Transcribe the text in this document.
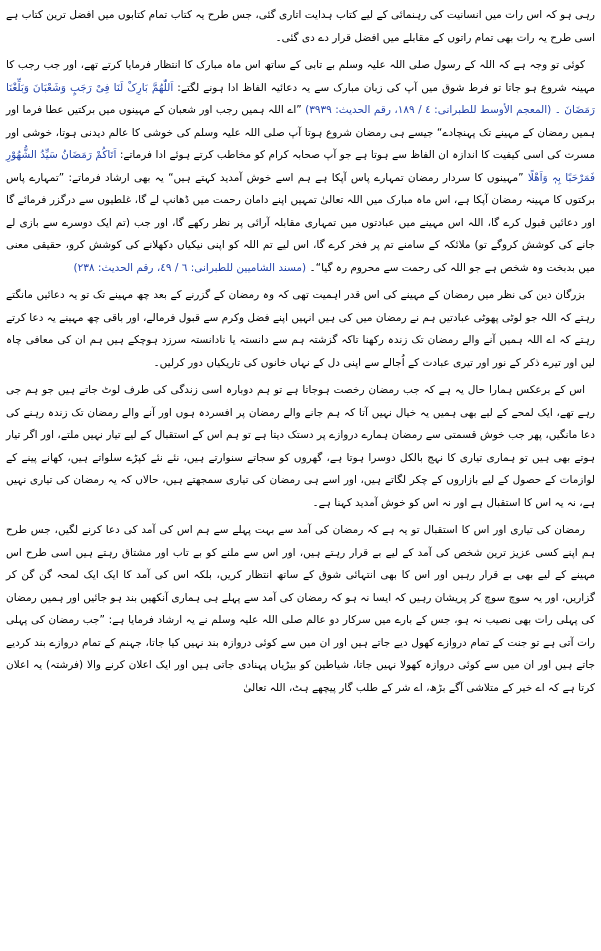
رہی ہو کہ اس رات میں انسانیت کی رہنمائی کے لیے کتاب ہدایت اتاری گئی، جس طرح یہ کتاب تمام کتابوں میں افضل ترین کتاب ہے اسی طرح یہ رات بھی تمام راتوں کے مقابلے میں افضل قرار دے دی گئی۔

کوئی تو وجہ ہے کہ اللہ کے رسول صلی اللہ علیہ وسلم بے تابی کے ساتھ اس ماہ مبارک کا انتظار فرمایا کرتے تھے، اور جب رجب کا مہینہ شروع ہو جاتا تو فرط شوق میں آپ کی زبان مبارک سے یہ دعائیہ الفاظ ادا ہونے لگتے: اَللّٰھُمَّ بَارِکْ لَنَا فِیْ رَجَبٍ وَشَعْبَانَ وَبَلِّغْنَا رَمَضَانَ ۔ (المعجم الأوسط للطبرانی: ٤ / ١٨٩، رقم الحدیث: ٣٩٣٩) ”اے اللہ ہمیں رجب اور شعبان کے مہینوں میں برکتیں عطا فرما اور ہمیں رمضان کے مہینے تک پہنچادے“ جیسے ہی رمضان شروع ہوتا آپ صلی اللہ علیہ وسلم کی خوشی کا عالم دیدنی ہوتا، خوشی اور مسرت کی اسی کیفیت کا اندازہ ان الفاظ سے ہوتا ہے جو آپ صحابہ کرام کو مخاطب کرتے ہوئے ادا فرماتے: اَتَاکُمْ رَمَضَانُ سَیِّدُ الشُّھُوْرِ فَمَرْحَبًا بِہٖ وَاَھْلًا ”مہینوں کا سردار رمضان تمہارے پاس آپکا ہے ہم اسے خوش آمدید کہتے ہیں“ یہ بھی ارشاد فرماتے: ”تمہارے پاس برکتوں کا مہینہ رمضان آپکا ہے، اس ماہ مبارک میں اللہ تعالیٰ تمہیں اپنے دامان رحمت میں ڈھانپ لے گا، غلطیوں سے درگزر فرمائے گا اور دعائیں قبول کرے گا، اللہ اس مہینے میں عبادتوں میں تمہاری مقابلہ آرائی پر نظر رکھے گا، اور جب (تم ایک دوسرے سے بازی لے جانے کی کوشش کروگے تو) ملائکہ کے سامنے تم پر فخر کرے گا، اس لیے تم اللہ کو اپنی نیکیاں دکھلانے کی کوشش کرو، حقیقی معنی میں بدبخت وہ شخص ہے جو اللہ کی رحمت سے محروم رہ گیا“۔ (مسند الشامیین للطبرانی: ٦ / ٤٩، رقم الحدیث: ٢٣٨)

بزرگان دین کی نظر میں رمضان کے مہینے کی اس قدر اہمیت تھی کہ وہ رمضان کے گزرنے کے بعد چھ مہینے تک تو یہ دعائیں مانگتے رہتے کہ اللہ جو لوٹی پھوٹی عبادتیں ہم نے رمضان میں کی ہیں انہیں اپنے فضل وکرم سے قبول فرمالے، اور باقی چھ مہینے یہ دعا کرتے رہتے کہ اے اللہ ہمیں آنے والے رمضان تک زندہ رکھنا تاکہ گزشتہ ہم سے دانستہ یا نادانستہ سرزد ہوچکے ہیں ہم ان کی معافی چاہ لیں اور تیرے ذکر کے نور اور تیری عبادت کے اُجالے سے اپنی دل کے نہاں خانوں کی تاریکیاں دور کرلیں۔

اس کے برعکس ہمارا حال یہ ہے کہ جب رمضان رخصت ہوجاتا ہے تو ہم دوبارہ اسی زندگی کی طرف لوٹ جاتے ہیں جو ہم جی رہے تھے، ایک لمحے کے لیے بھی ہمیں یہ خیال نہیں آتا کہ ہم جانے والے رمضان پر افسردہ ہوں اور آنے والے رمضان تک زندہ رہنے کی دعا مانگیں، پھر جب خوش قسمتی سے رمضان ہمارے دروازے پر دستک دیتا ہے تو ہم اس کے استقبال کے لیے تیار نہیں ملتے، اور اگر تیار ہوتے بھی ہیں تو ہماری تیاری کا نہج بالکل دوسرا ہوتا ہے، گھروں کو سجاتے سنوارتے ہیں، نئے نئے کپڑے سلواتے ہیں، کھانے پینے کے لوازمات کے حصول کے لیے بازاروں کے چکر لگاتے ہیں، اور اسے ہی رمضان کی تیاری سمجھتے ہیں، حالاں کہ یہ رمضان کی تیاری نہیں ہے، نہ یہ اس کا استقبال ہے اور نہ اس کو خوش آمدید کہنا ہے۔

رمضان کی تیاری اور اس کا استقبال تو یہ ہے کہ رمضان کی آمد سے بہت پہلے سے ہم اس کی آمد کی دعا کرنے لگیں، جس طرح ہم اپنے کسی عزیز ترین شخص کی آمد کے لیے بے قرار رہتے ہیں، اور اس سے ملنے کو بے تاب اور مشتاق رہتے ہیں اسی طرح اس مہینے کے لیے بھی بے قرار رہیں اور اس کا بھی انتہائی شوق کے ساتھ انتظار کریں، بلکہ اس کی آمد کا ایک ایک لمحہ گن گن کر گزاریں، اور یہ سوچ سوچ کر پریشان رہیں کہ ایسا نہ ہو کہ رمضان کی آمد سے پہلے ہی ہماری آنکھیں بند ہو جائیں اور ہمیں رمضان کی پہلی رات بھی نصیب نہ ہو، جس کے بارے میں سرکار دو عالم صلی اللہ علیہ وسلم نے یہ ارشاد فرمایا ہے: ”جب رمضان کی پہلی رات آتی ہے تو جنت کے تمام دروازے کھول دیے جاتے ہیں اور ان میں سے کوئی دروازہ بند نہیں کیا جاتا، جہنم کے تمام دروازے بند کردیے جاتے ہیں اور ان میں سے کوئی دروازہ کھولا نہیں جاتا، شیاطین کو بیڑیاں پہنادی جاتی ہیں اور ایک اعلان کرنے والا (فرشتہ) یہ اعلان کرتا ہے کہ اے خیر کے متلاشی آگے بڑھ، اے شر کے طلب گار پیچھے ہٹ، اللہ تعالیٰ
